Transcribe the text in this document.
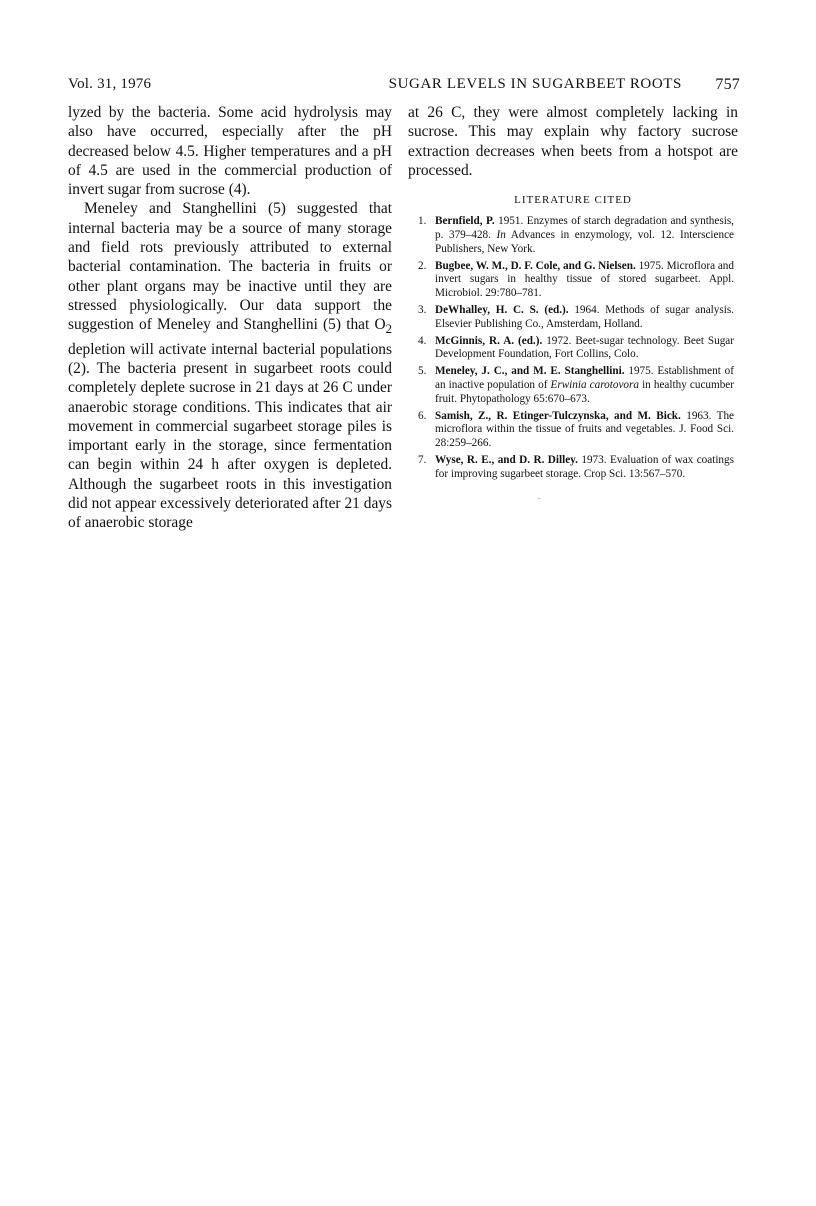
Vol. 31, 1976	SUGAR LEVELS IN SUGARBEET ROOTS 757

lyzed by the bacteria. Some acid hydrolysis may also have occurred, especially after the pH decreased below 4.5. Higher temperatures and a pH of 4.5 are used in the commercial production of invert sugar from sucrose (4).

Meneley and Stanghellini (5) suggested that internal bacteria may be a source of many storage and field rots previously attributed to external bacterial contamination. The bacteria in fruits or other plant organs may be inactive until they are stressed physiologically. Our data support the suggestion of Meneley and Stanghellini (5) that $O_2$ depletion will activate internal bacterial populations (2). The bacteria present in sugarbeet roots could completely deplete sucrose in 21 days at 26 C under anaerobic storage conditions. This indicates that air movement in commercial sugarbeet storage piles is important early in the storage, since fermentation can begin within 24 h after oxygen is depleted. Although the sugarbeet roots in this investigation did not appear excessively deteriorated after 21 days of anaerobic storage

at 26 C, they were almost completely lacking in sucrose. This may explain why factory sucrose extraction decreases when beets from a hotspot are processed.

LITERATURE CITED
1. Bernfield, P. 1951. Enzymes of starch degradation and synthesis, p. 379–428. In Advances in enzymology, vol. 12. Interscience Publishers, New York.
2. Bugbee, W. M., D. F. Cole, and G. Nielsen. 1975. Microflora and invert sugars in healthy tissue of stored sugarbeet. Appl. Microbiol. 29:780–781.
3. DeWhalley, H. C. S. (ed.). 1964. Methods of sugar analysis. Elsevier Publishing Co., Amsterdam, Holland.
4. McGinnis, R. A. (ed.). 1972. Beet-sugar technology. Beet Sugar Development Foundation, Fort Collins, Colo.
5. Meneley, J. C., and M. E. Stanghellini. 1975. Establishment of an inactive population of Erwinia carotovora in healthy cucumber fruit. Phytopathology 65:670–673.
6. Samish, Z., R. Etinger-Tulczynska, and M. Bick. 1963. The microflora within the tissue of fruits and vegetables. J. Food Sci. 28:259–266.
7. Wyse, R. E., and D. R. Dilley. 1973. Evaluation of wax coatings for improving sugarbeet storage. Crop Sci. 13:567–570.
